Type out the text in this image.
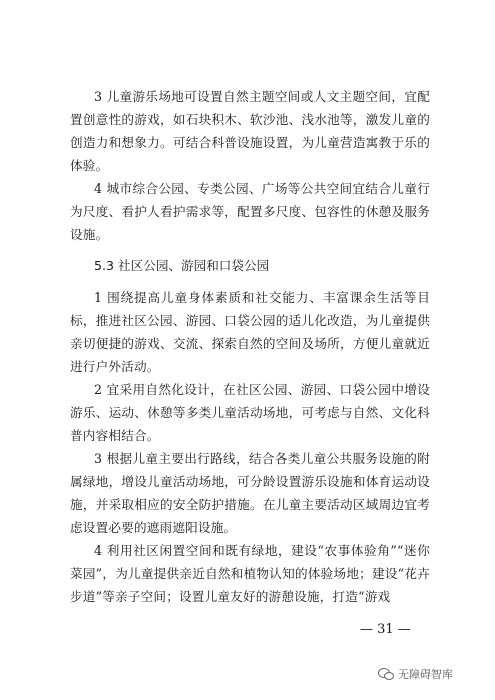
3 儿童游乐场地可设置自然主题空间或人文主题空间，宜配置创意性的游戏，如石块积木、软沙池、浅水池等，激发儿童的创造力和想象力。可结合科普设施设置，为儿童营造寓教于乐的体验。

4 城市综合公园、专类公园、广场等公共空间宜结合儿童行为尺度、看护人看护需求等，配置多尺度、包容性的休憩及服务设施。

5.3 社区公园、游园和口袋公园

1 围绕提高儿童身体素质和社交能力、丰富课余生活等目标，推进社区公园、游园、口袋公园的适儿化改造，为儿童提供亲切便捷的游戏、交流、探索自然的空间及场所，方便儿童就近进行户外活动。

2 宜采用自然化设计，在社区公园、游园、口袋公园中增设游乐、运动、休憩等多类儿童活动场地，可考虑与自然、文化科普内容相结合。

3 根据儿童主要出行路线，结合各类儿童公共服务设施的附属绿地，增设儿童活动场地，可分龄设置游乐设施和体育运动设施，并采取相应的安全防护措施。在儿童主要活动区域周边宜考虑设置必要的遮雨遮阳设施。

4 利用社区闲置空间和既有绿地，建设“农事体验角”“迷你菜园”，为儿童提供亲近自然和植物认知的体验场地；建设“花卉步道”等亲子空间；设置儿童友好的游憩设施，打造“游戏

— 31 —
无障碍智库
